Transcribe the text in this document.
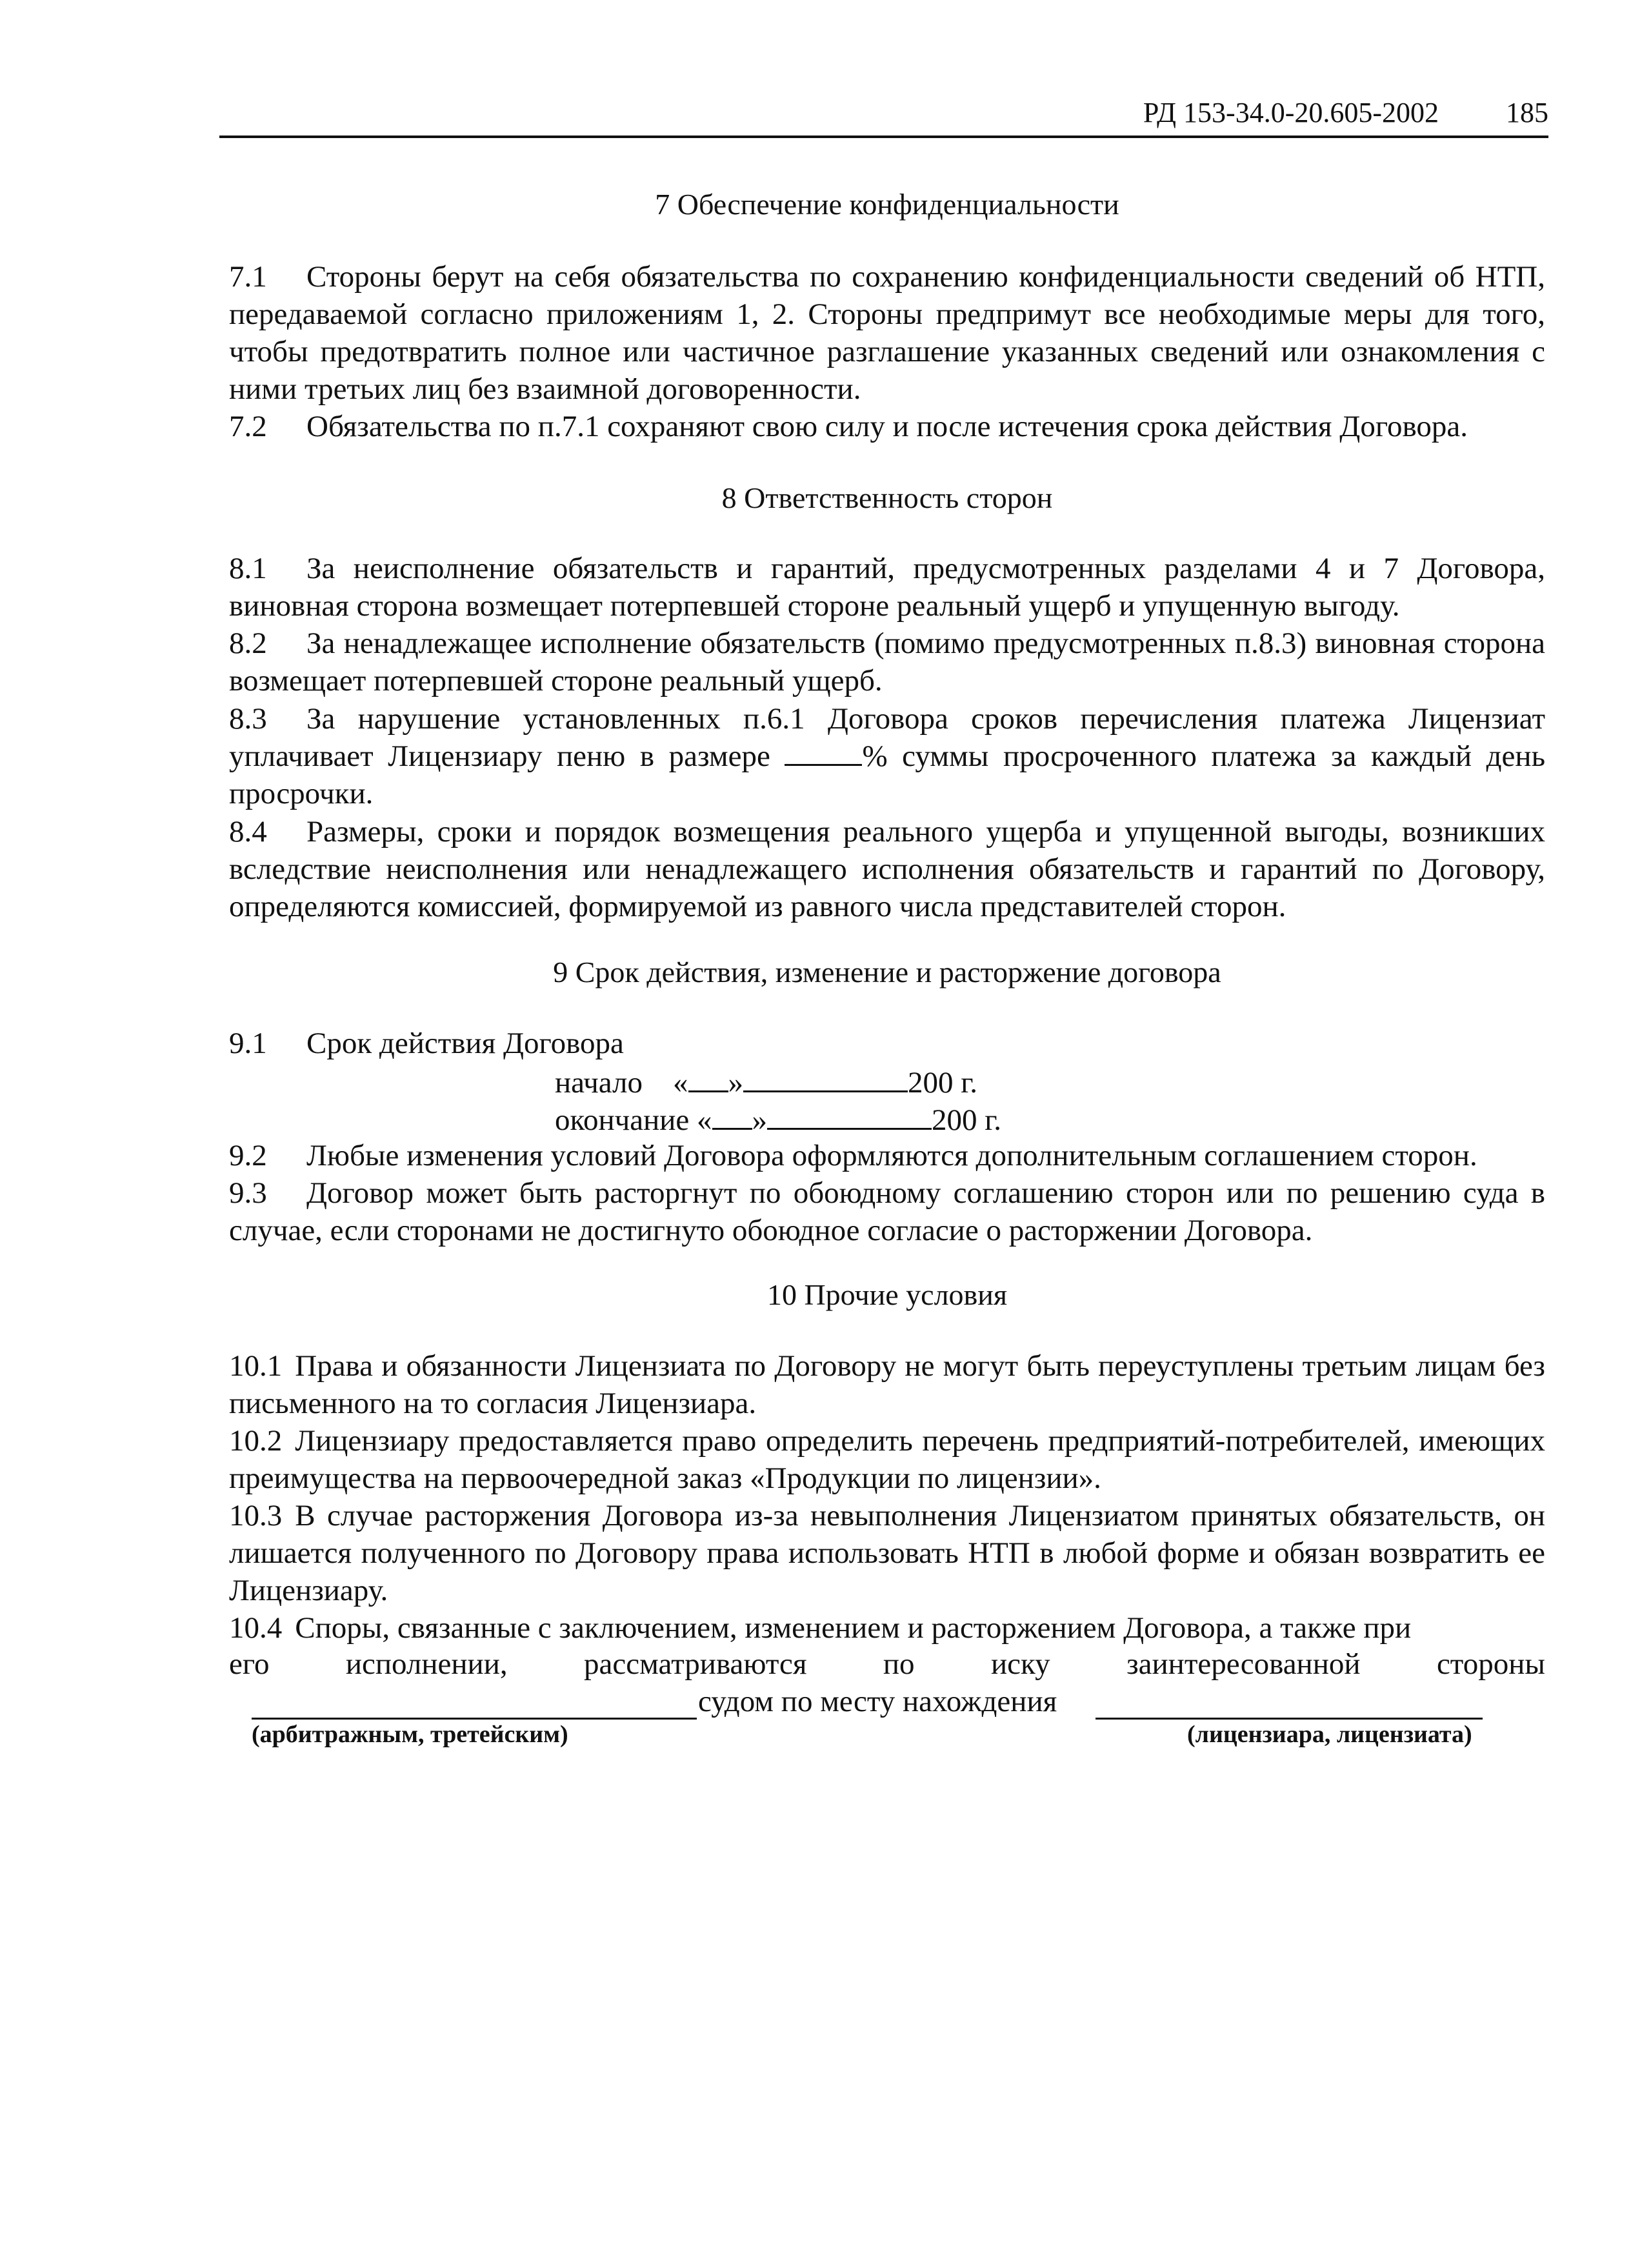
РД 153-34.0-20.605-2002 185
7 Обеспечение конфиденциальности
7.1 Стороны берут на себя обязательства по сохранению конфиденциальности сведений об НТП, передаваемой согласно приложениям 1, 2. Стороны предпримут все необходимые меры для того, чтобы предотвратить полное или частичное разглашение указанных сведений или ознакомления с ними третьих лиц без взаимной договоренности.
7.2 Обязательства по п.7.1 сохраняют свою силу и после истечения срока действия Договора.
8 Ответственность сторон
8.1 За неисполнение обязательств и гарантий, предусмотренных разделами 4 и 7 Договора, виновная сторона возмещает потерпевшей стороне реальный ущерб и упущенную выгоду.
8.2 За ненадлежащее исполнение обязательств (помимо предусмотренных п.8.3) виновная сторона возмещает потерпевшей стороне реальный ущерб.
8.3 За нарушение установленных п.6.1 Договора сроков перечисления платежа Лицензиат уплачивает Лицензиару пеню в размере	% суммы просроченного платежа за каждый день просрочки.
8.4 Размеры, сроки и порядок возмещения реального ущерба и упущенной выгоды, возникших вследствие неисполнения или ненадлежащего исполнения обязательств и гарантий по Договору, определяются комиссией, формируемой из равного числа представителей сторон.
9 Срок действия, изменение и расторжение договора
9.1 Срок действия Договора
начало « »	200 г.
окончание « »	200 г.
9.2 Любые изменения условий Договора оформляются дополнительным соглашением сторон.
9.3 Договор может быть расторгнут по обоюдному соглашению сторон или по решению суда в случае, если сторонами не достигнуто обоюдное согласие о расторжении Договора.
10 Прочие условия
10.1 Права и обязанности Лицензиата по Договору не могут быть переуступлены третьим лицам без письменного на то согласия Лицензиара.
10.2 Лицензиару предоставляется право определить перечень предприятий-потребителей, имеющих преимущества на первоочередной заказ «Продукции по лицензии».
10.3 В случае расторжения Договора из-за невыполнения Лицензиатом принятых обязательств, он лишается полученного по Договору права использовать НТП в любой форме и обязан возвратить ее Лицензиару.
10.4 Споры, связанные с заключением, изменением и расторжением Договора, а также при
его	исполнении,	рассматриваются	по	иску	заинтересованной	стороны
судом по месту нахождения
(арбитражным, третейским)	(лицензиара, лицензиата)
